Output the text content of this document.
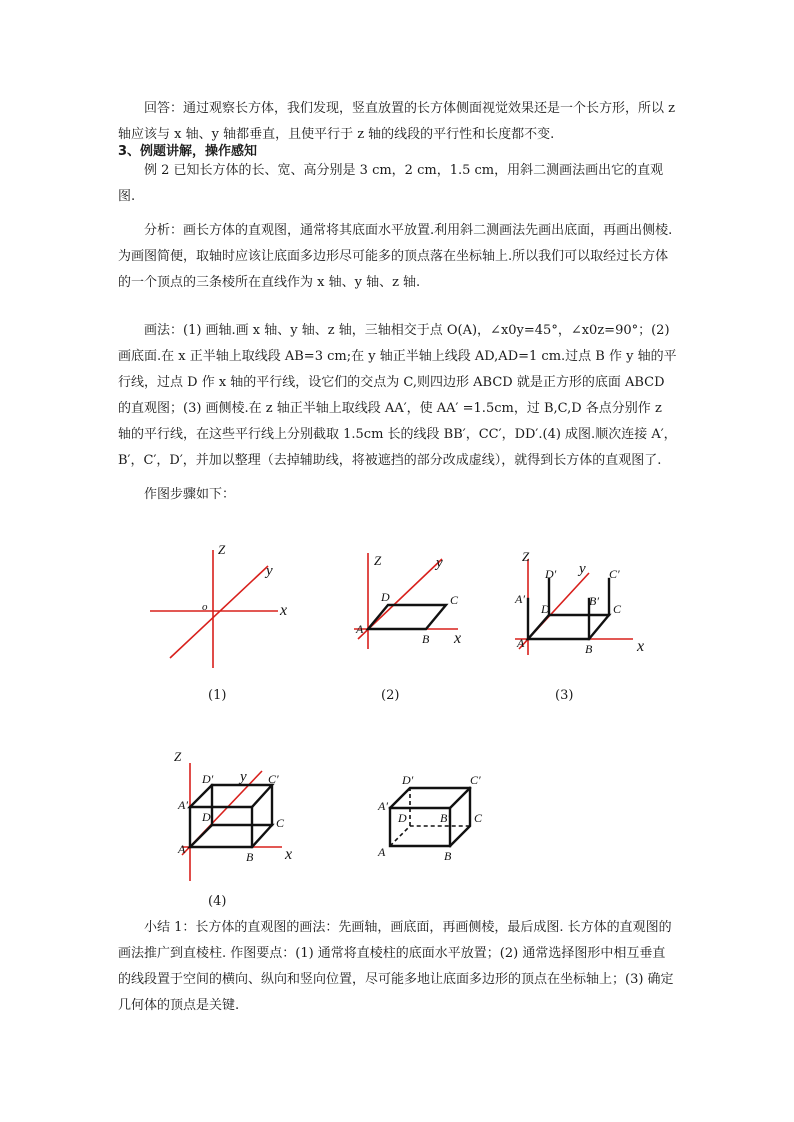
回答：通过观察长方体，我们发现，竖直放置的长方体侧面视觉效果还是一个长方形，所以 z 轴应该与 x 轴、y 轴都垂直，且使平行于 z 轴的线段的平行性和长度都不变.

3、例题讲解，操作感知

例 2 已知长方体的长、宽、高分别是 3 cm，2 cm，1.5 cm，用斜二测画法画出它的直观图.

分析：画长方体的直观图，通常将其底面水平放置.利用斜二测画法先画出底面，再画出侧棱.为画图简便，取轴时应该让底面多边形尽可能多的顶点落在坐标轴上.所以我们可以取经过长方体的一个顶点的三条棱所在直线作为 x 轴、y 轴、z 轴.

画法：(1) 画轴.画 x 轴、y 轴、z 轴，三轴相交于点 O(A)，∠x0y=45°，∠x0z=90°；(2) 画底面.在 x 正半轴上取线段 AB=3 cm;在 y 轴正半轴上线段 AD,AD=1 cm.过点 B 作 y 轴的平行线，过点 D 作 x 轴的平行线，设它们的交点为 C,则四边形 ABCD 就是正方形的底面 ABCD 的直观图；(3) 画侧棱.在 z 轴正半轴上取线段 AA′，使 AA′ =1.5cm，过 B,C,D 各点分别作 z 轴的平行线，在这些平行线上分别截取 1.5cm 长的线段 BB′，CC′，DD′.(4) 成图.顺次连接 A′，B′，C′，D′，并加以整理（去掉辅助线，将被遮挡的部分改成虚线），就得到长方体的直观图了.

作图步骤如下：

Z
y
x
o
(1)
Z	y
x
A
B
C
D
(2)
Z
y
x
A
A′
B
B′
C
C′
D
D′
(3)
Z
y
x
A
A′
B
C
C′
D
D′
(4)
A
A′
B
B′ C
C′
D
D′

小结 1：长方体的直观图的画法：先画轴，画底面，再画侧棱，最后成图. 长方体的直观图的画法推广到直棱柱. 作图要点：(1) 通常将直棱柱的底面水平放置；(2) 通常选择图形中相互垂直的线段置于空间的横向、纵向和竖向位置，尽可能多地让底面多边形的顶点在坐标轴上；(3) 确定几何体的顶点是关键.
